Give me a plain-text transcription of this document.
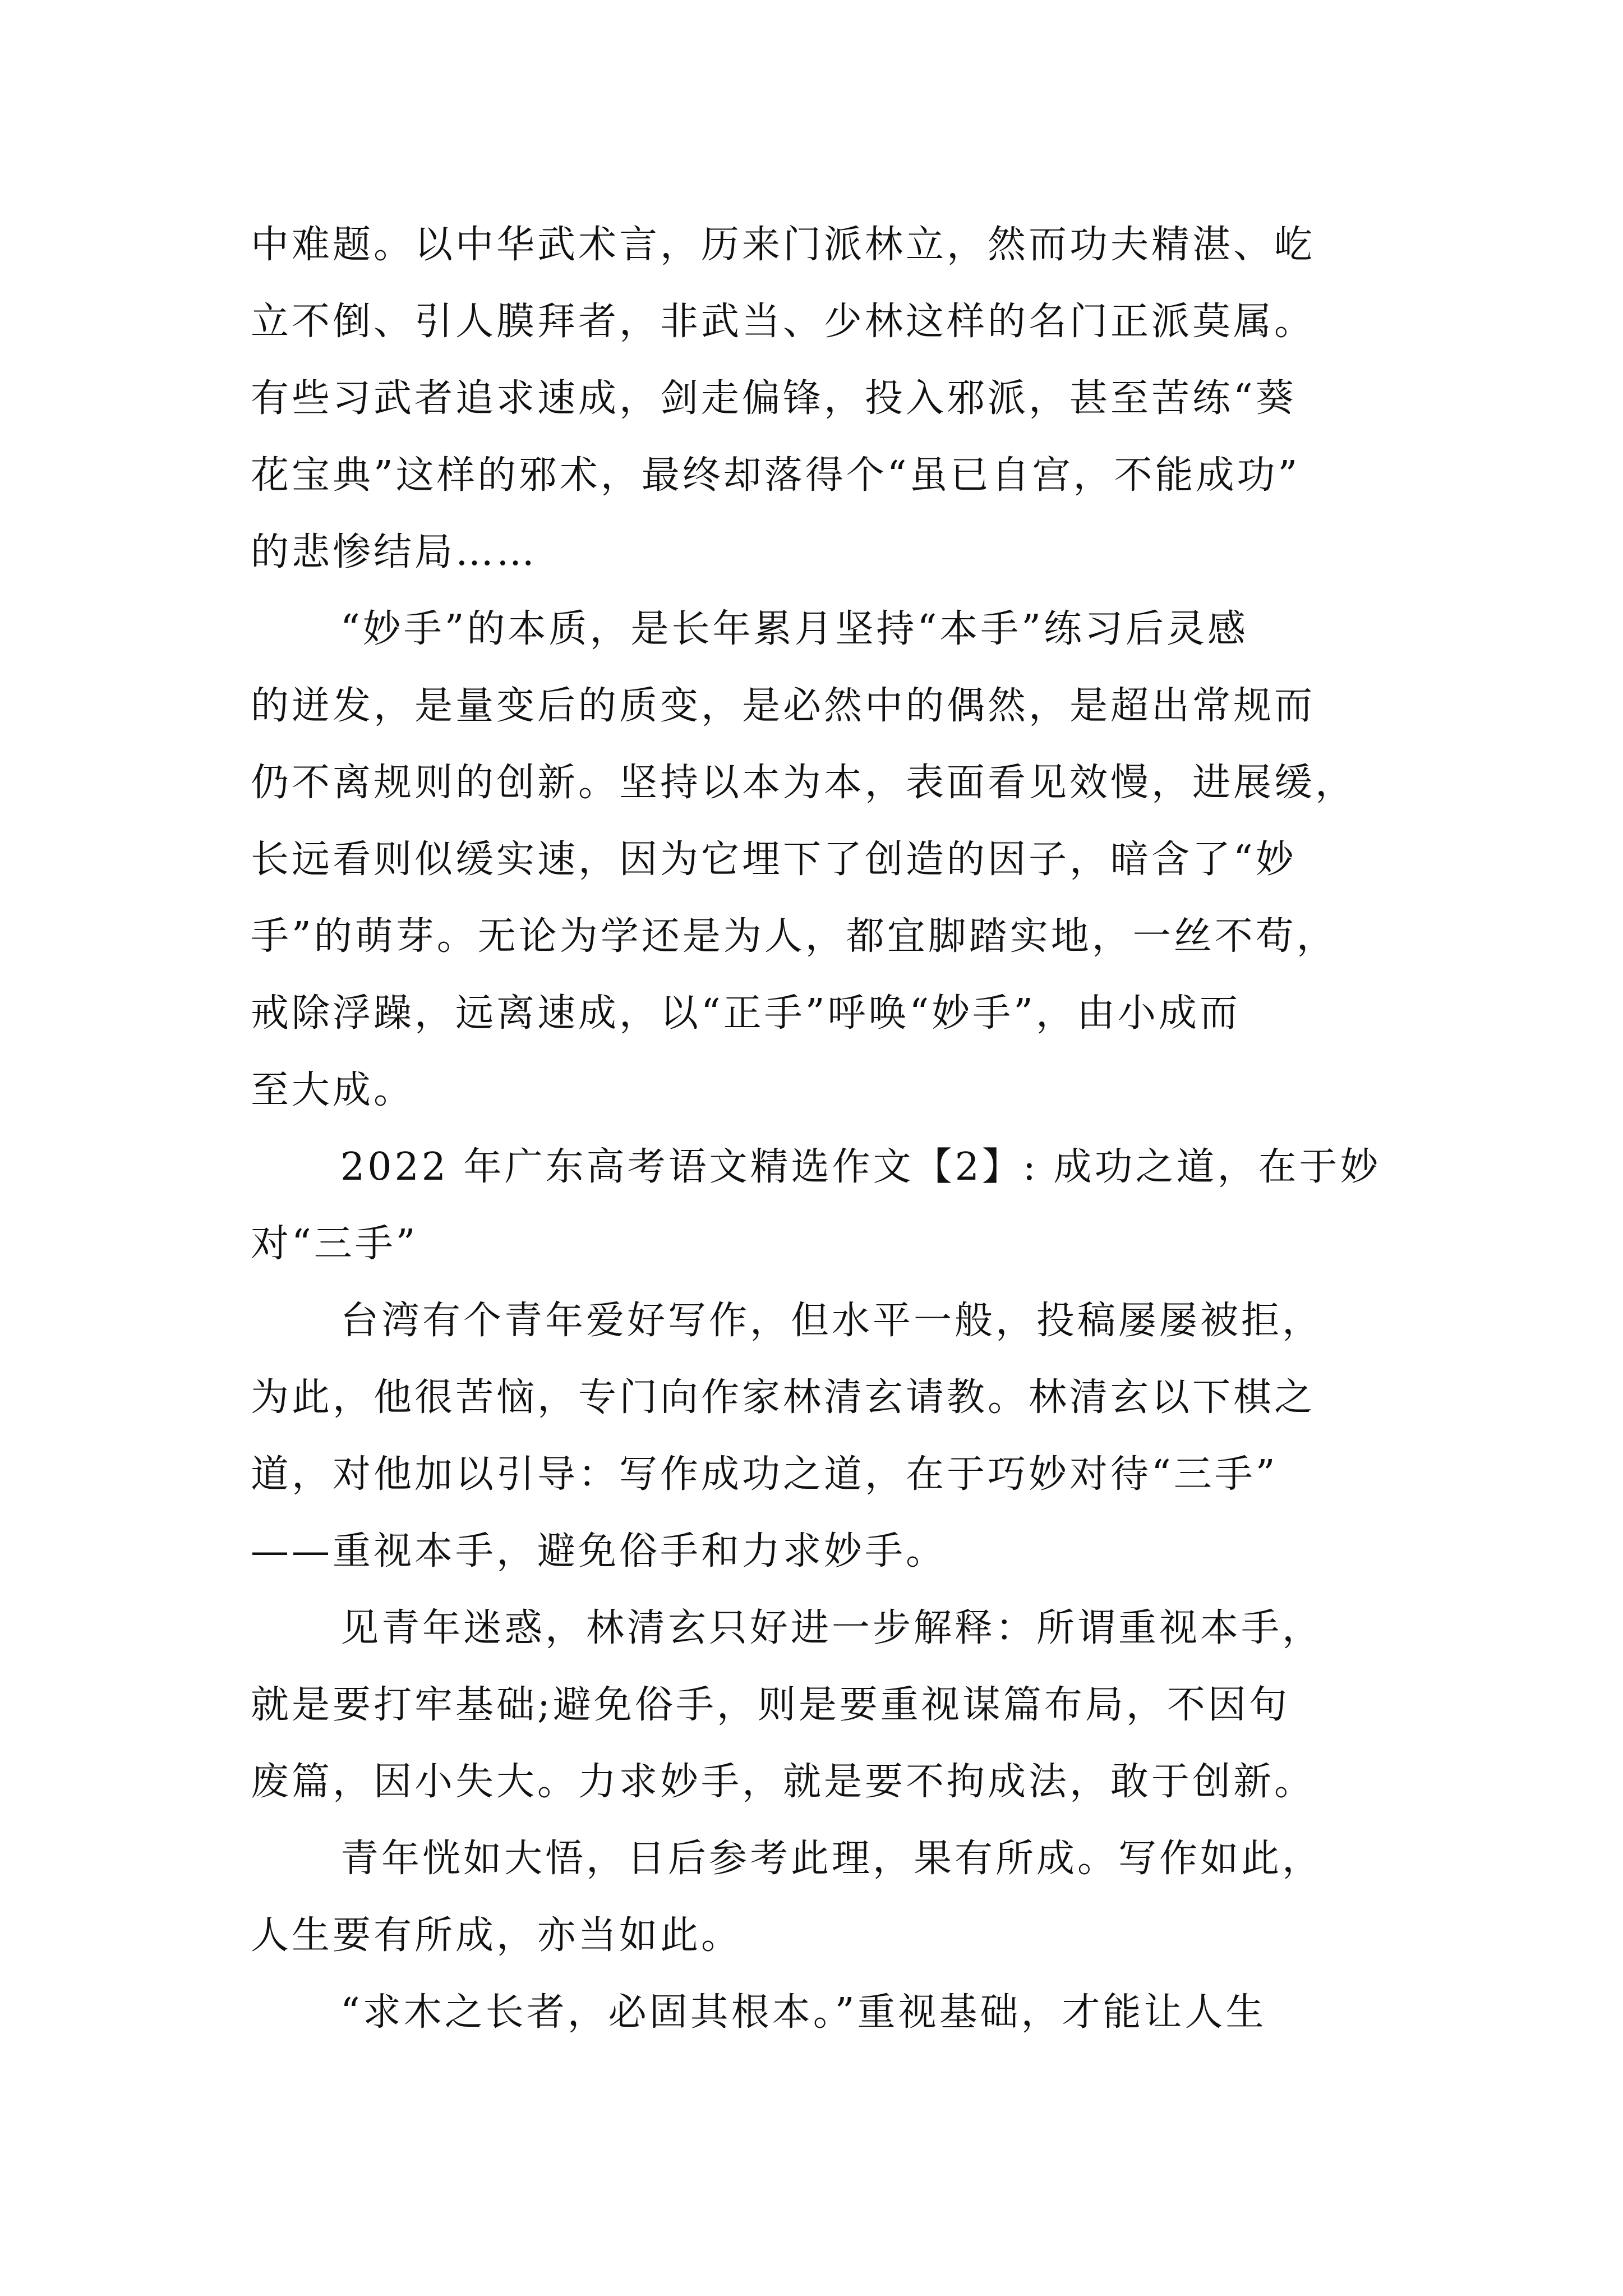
中难题。以中华武术言，历来门派林立，然而功夫精湛、屹
立不倒、引人膜拜者，非武当、少林这样的名门正派莫属。
有些习武者追求速成，剑走偏锋，投入邪派，甚至苦练“葵
花宝典”这样的邪术，最终却落得个“虽已自宫，不能成功”
的悲惨结局……
“妙手”的本质，是长年累月坚持“本手”练习后灵感
的迸发，是量变后的质变，是必然中的偶然，是超出常规而
仍不离规则的创新。坚持以本为本，表面看见效慢，进展缓，
长远看则似缓实速，因为它埋下了创造的因子，暗含了“妙
手”的萌芽。无论为学还是为人，都宜脚踏实地，一丝不苟，
戒除浮躁，远离速成，以“正手”呼唤“妙手”，由小成而
至大成。
2022 年广东高考语文精选作文【2】: 成功之道，在于妙
对“三手”
台湾有个青年爱好写作，但水平一般，投稿屡屡被拒，
为此，他很苦恼，专门向作家林清玄请教。林清玄以下棋之
道，对他加以引导：写作成功之道，在于巧妙对待“三手”
——重视本手，避免俗手和力求妙手。
见青年迷惑，林清玄只好进一步解释：所谓重视本手，
就是要打牢基础;避免俗手，则是要重视谋篇布局，不因句
废篇，因小失大。力求妙手，就是要不拘成法，敢于创新。
青年恍如大悟，日后参考此理，果有所成。写作如此，
人生要有所成，亦当如此。
“求木之长者，必固其根本。”重视基础，才能让人生
